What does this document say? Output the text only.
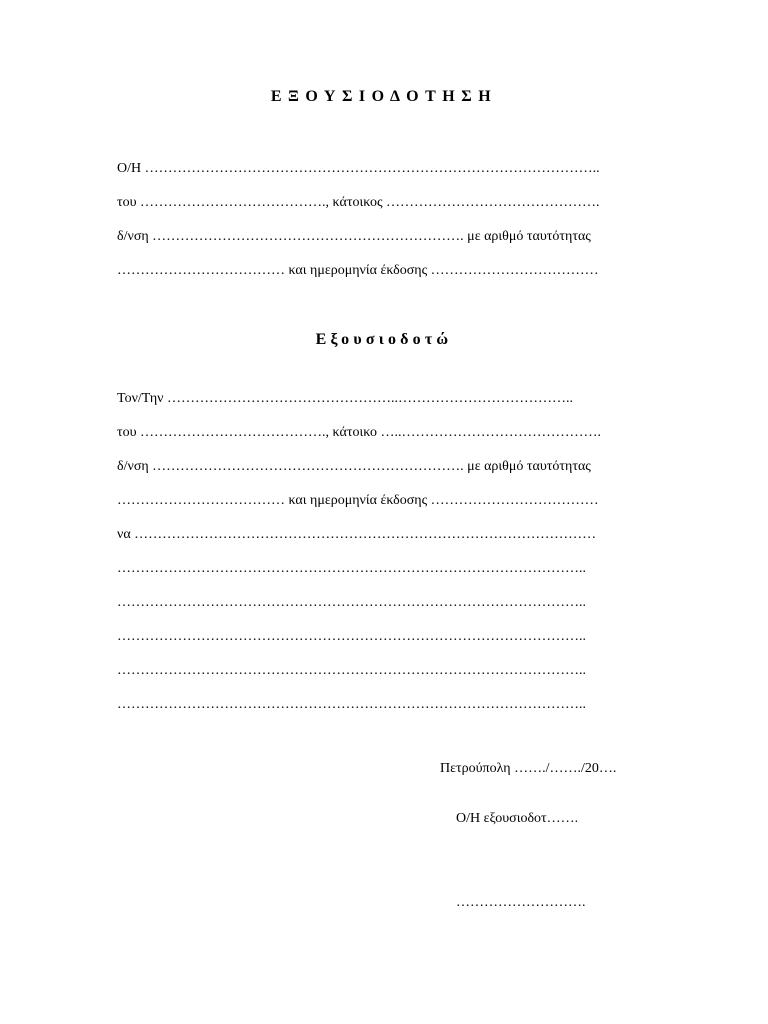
ΕΞΟΥΣΙΟΔΟΤΗΣΗ
Ο/Η ……………………………………………………………………………………..
του …………………………………., κάτοικος ……………………………………….
δ/νση …………………………………………………………. με αριθμό ταυτότητας
……………………………… και ημερομηνία έκδοσης ………………………………
Εξουσιοδοτώ
Τον/Την …………………………………………..………………………………..
του …………………………………., κάτοικο …..…………………………………….
δ/νση …………………………………………………………. με αριθμό ταυτότητας
……………………………… και ημερομηνία έκδοσης ………………………………
να ………………………………………………………………………………………
………………………………………………………………………………………..
………………………………………………………………………………………..
………………………………………………………………………………………..
………………………………………………………………………………………..
………………………………………………………………………………………..
Πετρούπολη ……./……./20….
Ο/Η εξουσιοδοτ…….
……………………….
